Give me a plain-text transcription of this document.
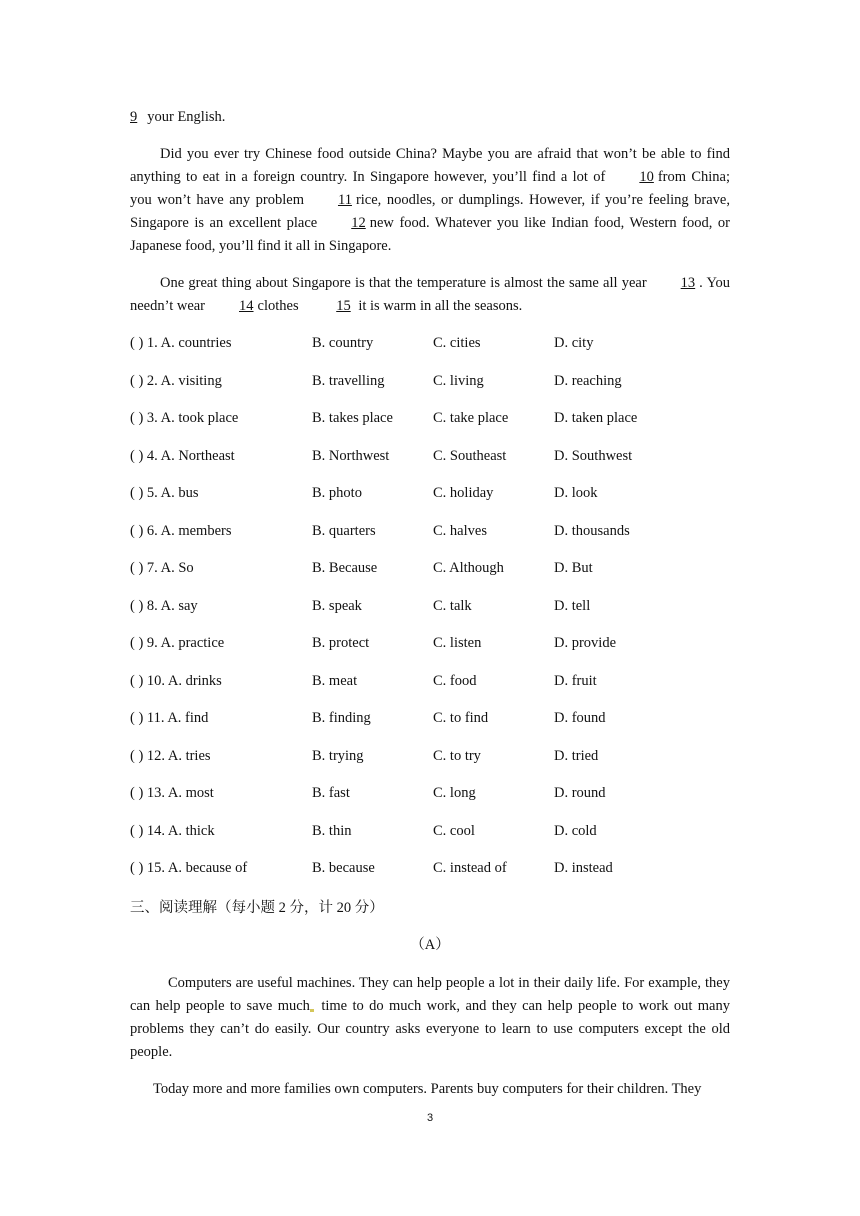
9 your English.

Did you ever try Chinese food outside China? Maybe you are afraid that won’t be able to find anything to eat in a foreign country. In Singapore however, you’ll find a lot of 10 from China; you won’t have any problem 11 rice, noodles, or dumplings. However, if you’re feeling brave, Singapore is an excellent place 12 new food. Whatever you like Indian food, Western food, or Japanese food, you’ll find it all in Singapore.

One great thing about Singapore is that the temperature is almost the same all year 13 . You needn’t wear 14 clothes	15 it is warm in all the seasons.

( ) 1. A. countries	B. country	C. cities	D. city
( ) 2. A. visiting	B. travelling	C. living	D. reaching
( ) 3. A. took place	B. takes place	C. take place	D. taken place
( ) 4. A. Northeast	B. Northwest	C. Southeast	D. Southwest
( ) 5. A. bus	B. photo	C. holiday	D. look
( ) 6. A. members	B. quarters	C. halves	D. thousands
( ) 7. A. So	B. Because	C. Although	D. But
( ) 8. A. say	B. speak	C. talk	D. tell
( ) 9. A. practice	B. protect	C. listen	D. provide
( ) 10. A. drinks	B. meat	C. food	D. fruit
( ) 11. A. find	B. finding	C. to find	D. found
( ) 12. A. tries	B. trying	C. to try	D. tried
( ) 13. A. most	B. fast	C. long	D. round
( ) 14. A. thick	B. thin	C. cool	D. cold
( ) 15. A. because of	B. because	C. instead of	D. instead
三、阅读理解（每小题 2 分，计 20 分）
（A）

Computers are useful machines. They can help people a lot in their daily life. For example, they can help people to save much time to do much work, and they can help people to work out many problems they can’t do easily. Our country asks everyone to learn to use computers except the old people.

Today more and more families own computers. Parents buy computers for their children. They

3
